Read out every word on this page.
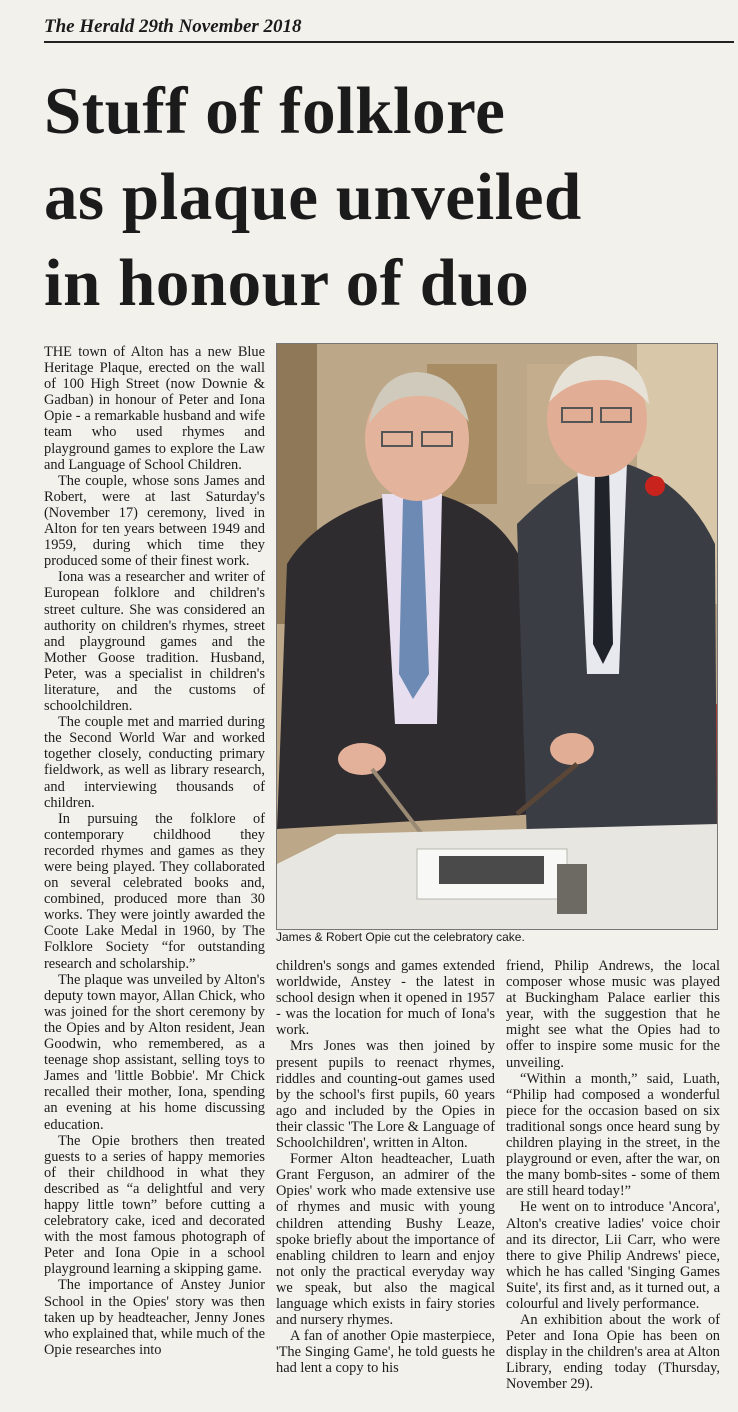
The Herald 29th November 2018
Stuff of folklore
as plaque unveiled
in honour of duo

THE town of Alton has a new Blue Heritage Plaque, erected on the wall of 100 High Street (now Downie & Gadban) in honour of Peter and Iona Opie - a remarkable husband and wife team who used rhymes and playground games to explore the Law and Language of School Children.

The couple, whose sons James and Robert, were at last Saturday's (November 17) ceremony, lived in Alton for ten years between 1949 and 1959, during which time they produced some of their finest work.

Iona was a researcher and writer of European folklore and children's street culture. She was considered an authority on children's rhymes, street and playground games and the Mother Goose tradition. Husband, Peter, was a specialist in children's literature, and the customs of schoolchildren.

The couple met and married during the Second World War and worked together closely, conducting primary fieldwork, as well as library research, and interviewing thousands of children.

In pursuing the folklore of contemporary childhood they recorded rhymes and games as they were being played. They collaborated on several celebrated books and, combined, produced more than 30 works. They were jointly awarded the Coote Lake Medal in 1960, by The Folklore Society “for outstanding research and scholarship.”

The plaque was unveiled by Alton's deputy town mayor, Allan Chick, who was joined for the short ceremony by the Opies and by Alton resident, Jean Goodwin, who remembered, as a teenage shop assistant, selling toys to James and 'little Bobbie'. Mr Chick recalled their mother, Iona, spending an evening at his home discussing education.

The Opie brothers then treated guests to a series of happy memories of their childhood in what they described as “a delightful and very happy little town” before cutting a celebratory cake, iced and decorated with the most famous photograph of Peter and Iona Opie in a school playground learning a skipping game.

The importance of Anstey Junior School in the Opies' story was then taken up by headteacher, Jenny Jones who explained that, while much of the Opie researches into

James & Robert Opie cut the celebratory cake.

children's songs and games extended worldwide, Anstey - the latest in school design when it opened in 1957 - was the location for much of Iona's work.

Mrs Jones was then joined by present pupils to reenact rhymes, riddles and counting-out games used by the school's first pupils, 60 years ago and included by the Opies in their classic 'The Lore & Language of Schoolchildren', written in Alton.

Former Alton headteacher, Luath Grant Ferguson, an admirer of the Opies' work who made extensive use of rhymes and music with young children attending Bushy Leaze, spoke briefly about the importance of enabling children to learn and enjoy not only the practical everyday way we speak, but also the magical language which exists in fairy stories and nursery rhymes.

A fan of another Opie masterpiece, 'The Singing Game', he told guests he had lent a copy to his

friend, Philip Andrews, the local composer whose music was played at Buckingham Palace earlier this year, with the suggestion that he might see what the Opies had to offer to inspire some music for the unveiling.

“Within a month,” said, Luath, “Philip had composed a wonderful piece for the occasion based on six traditional songs once heard sung by children playing in the street, in the playground or even, after the war, on the many bomb-sites - some of them are still heard today!”

He went on to introduce 'Ancora', Alton's creative ladies' voice choir and its director, Lii Carr, who were there to give Philip Andrews' piece, which he has called 'Singing Games Suite', its first and, as it turned out, a colourful and lively performance.

An exhibition about the work of Peter and Iona Opie has been on display in the children's area at Alton Library, ending today (Thursday, November 29).
